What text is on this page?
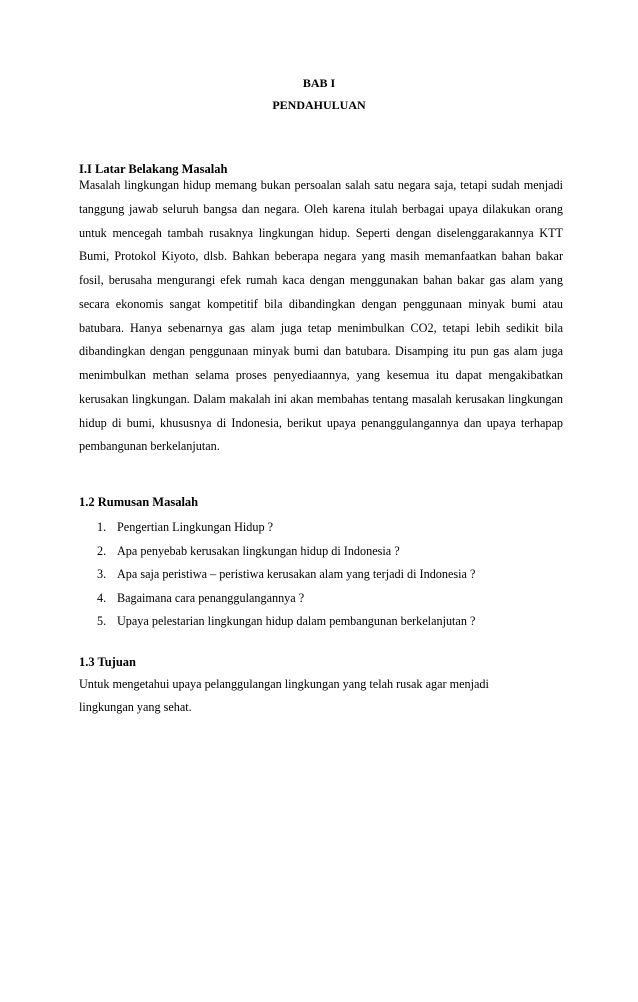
BAB I
PENDAHULUAN
I.I Latar Belakang Masalah

Masalah lingkungan hidup memang bukan persoalan salah satu negara saja, tetapi sudah menjadi tanggung jawab seluruh bangsa dan negara. Oleh karena itulah berbagai upaya dilakukan orang untuk mencegah tambah rusaknya lingkungan hidup. Seperti dengan diselenggarakannya KTT Bumi, Protokol Kiyoto, dlsb. Bahkan beberapa negara yang masih memanfaatkan bahan bakar fosil, berusaha mengurangi efek rumah kaca dengan menggunakan bahan bakar gas alam yang secara ekonomis sangat kompetitif bila dibandingkan dengan penggunaan minyak bumi atau batubara. Hanya sebenarnya gas alam juga tetap menimbulkan CO2, tetapi lebih sedikit bila dibandingkan dengan penggunaan minyak bumi dan batubara. Disamping itu pun gas alam juga menimbulkan methan selama proses penyediaannya, yang kesemua itu dapat mengakibatkan kerusakan lingkungan. Dalam makalah ini akan membahas tentang masalah kerusakan lingkungan hidup di bumi, khususnya di Indonesia, berikut upaya penanggulangannya dan upaya terhapap pembangunan berkelanjutan.

1.2 Rumusan Masalah
1. Pengertian Lingkungan Hidup ?
2. Apa penyebab kerusakan lingkungan hidup di Indonesia ?
3. Apa saja peristiwa – peristiwa kerusakan alam yang terjadi di Indonesia ?
4. Bagaimana cara penanggulangannya ?
5. Upaya pelestarian lingkungan hidup dalam pembangunan berkelanjutan ?
1.3 Tujuan
Untuk mengetahui upaya pelanggulangan lingkungan yang telah rusak agar menjadi
lingkungan yang sehat.
